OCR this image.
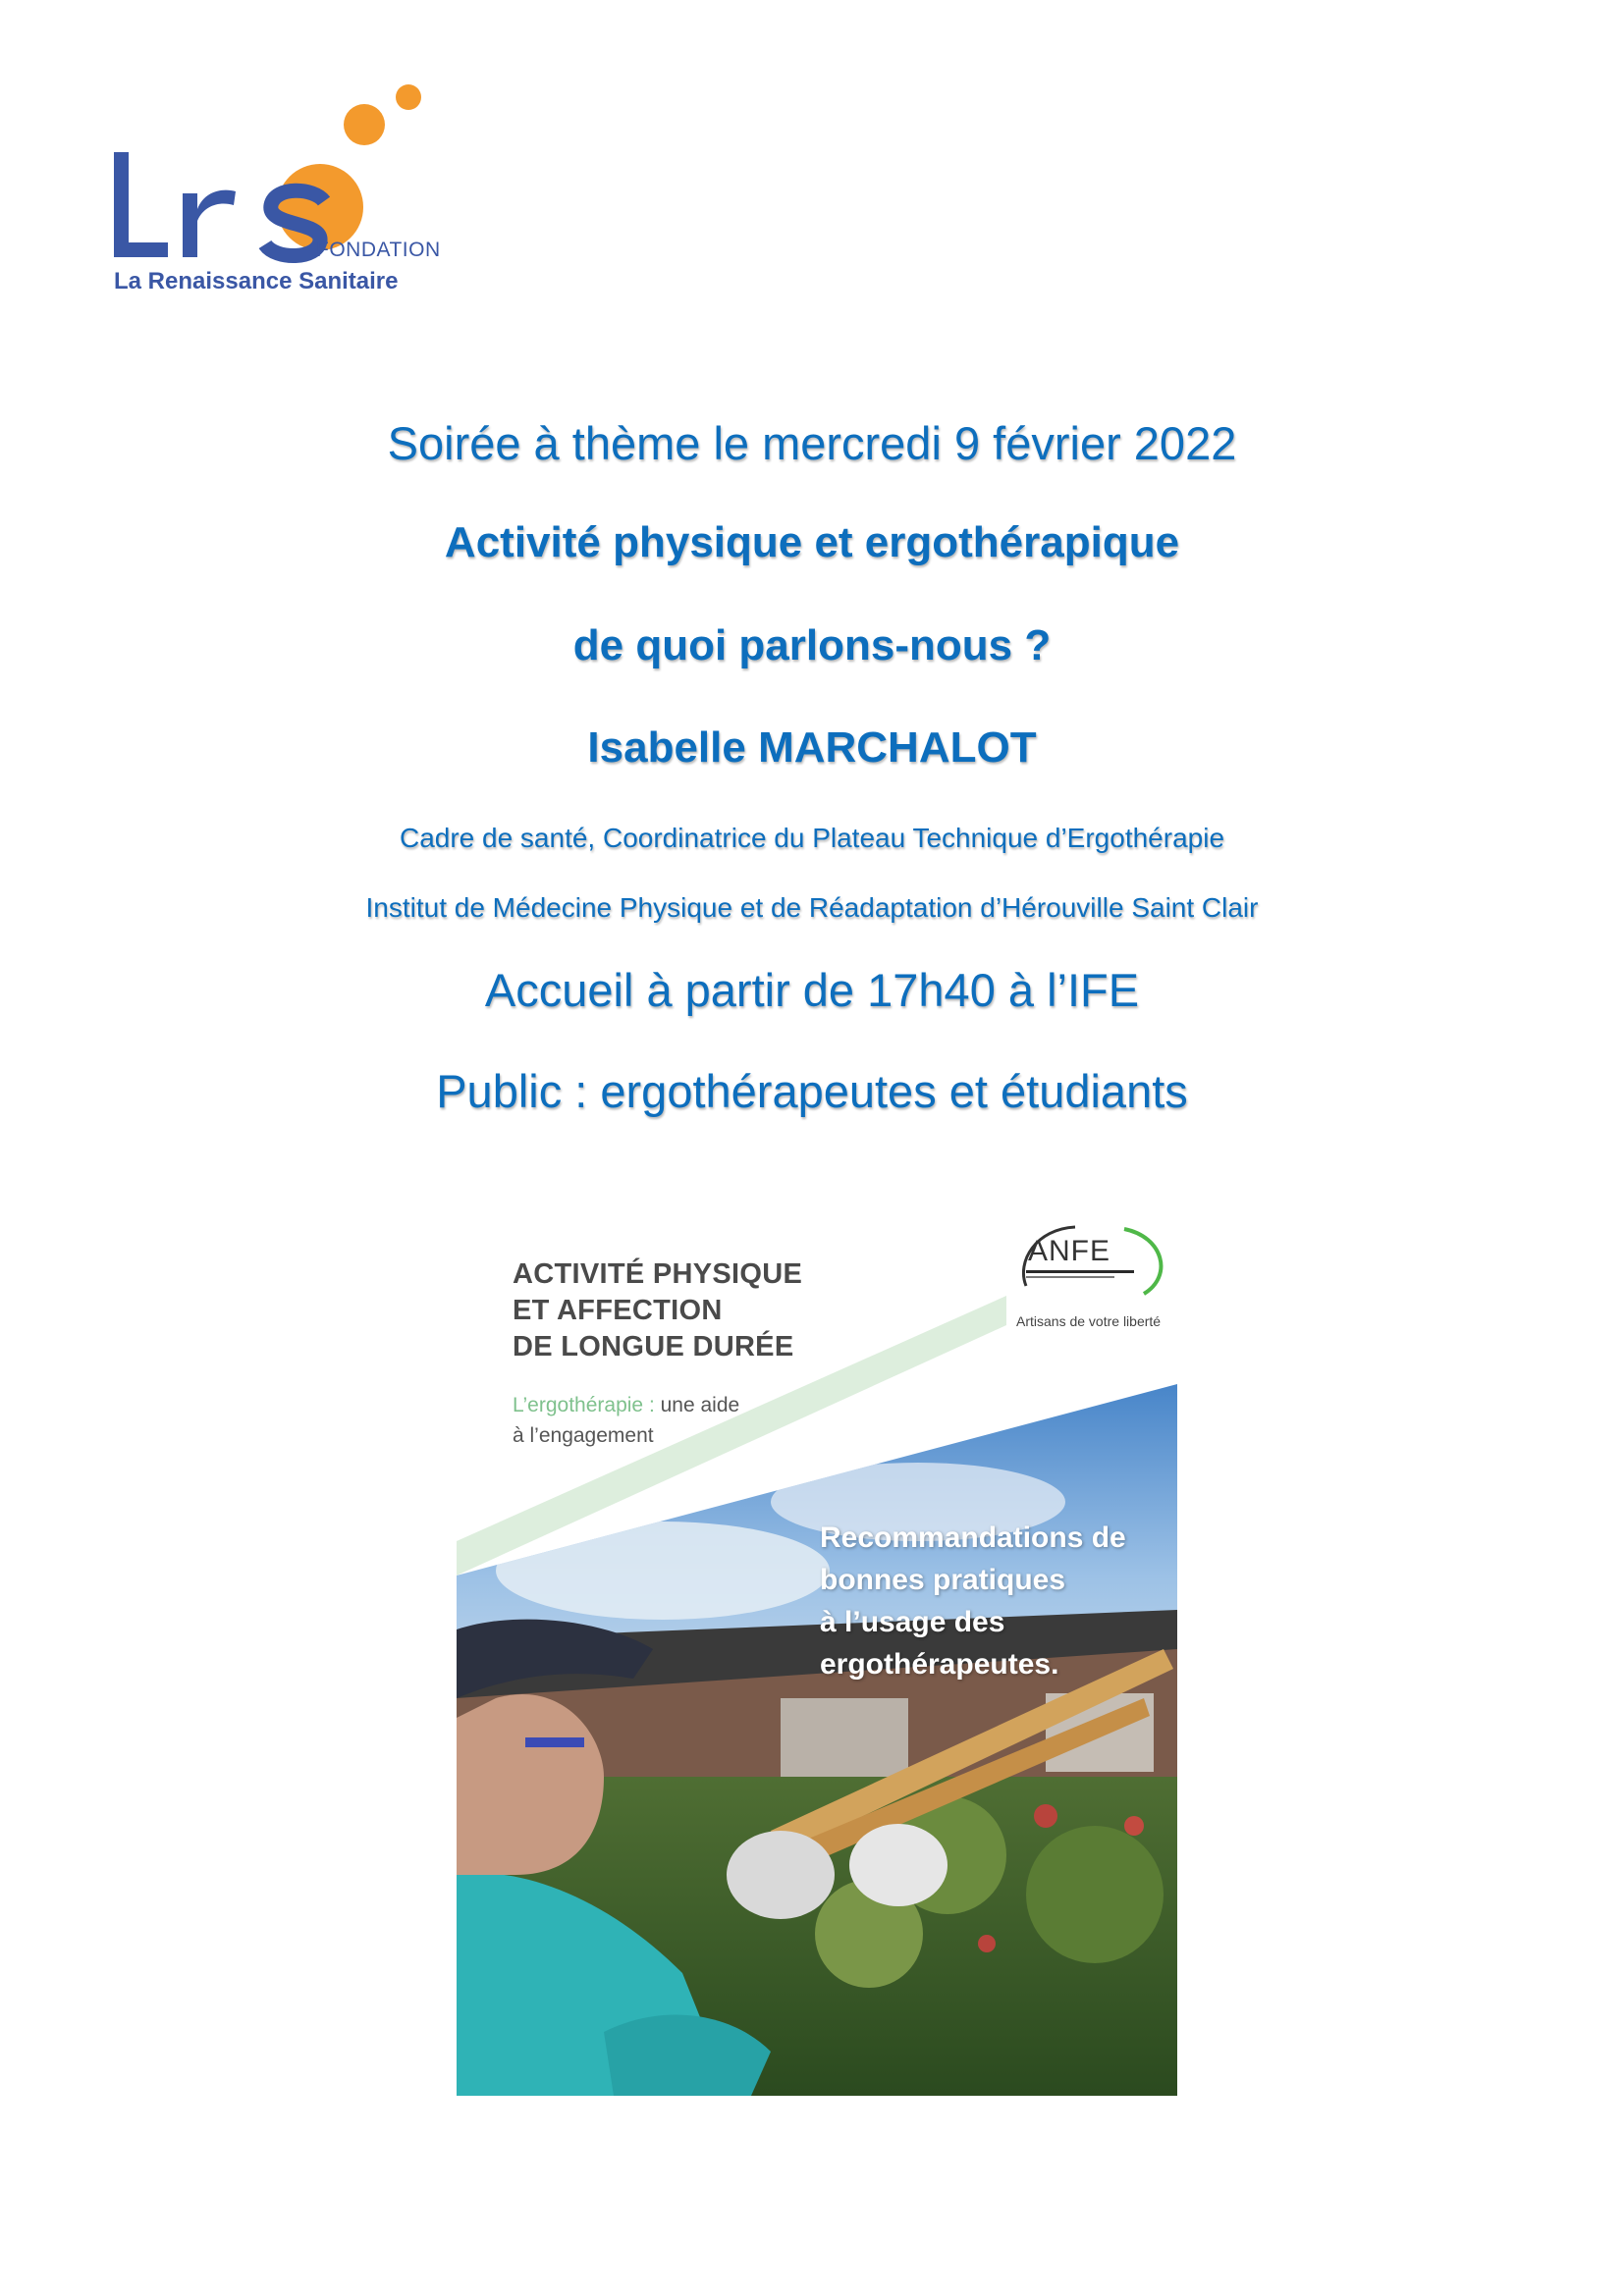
FONDATION
La Renaissance Sanitaire
Soirée à thème le mercredi 9 février 2022
Activité physique et ergothérapique
de quoi parlons-nous ?
Isabelle MARCHALOT
Cadre de santé, Coordinatrice du Plateau Technique d’Ergothérapie
Institut de Médecine Physique et de Réadaptation d’Hérouville Saint Clair
Accueil à partir de 17h40 à l’IFE
Public : ergothérapeutes et étudiants
ACTIVITÉ PHYSIQUE
ET AFFECTION
DE LONGUE DURÉE
L’ergothérapie : une aide
à l’engagement
Recommandations de
bonnes pratiques
à l’usage des
ergothérapeutes.
ANFE
Artisans de votre liberté
